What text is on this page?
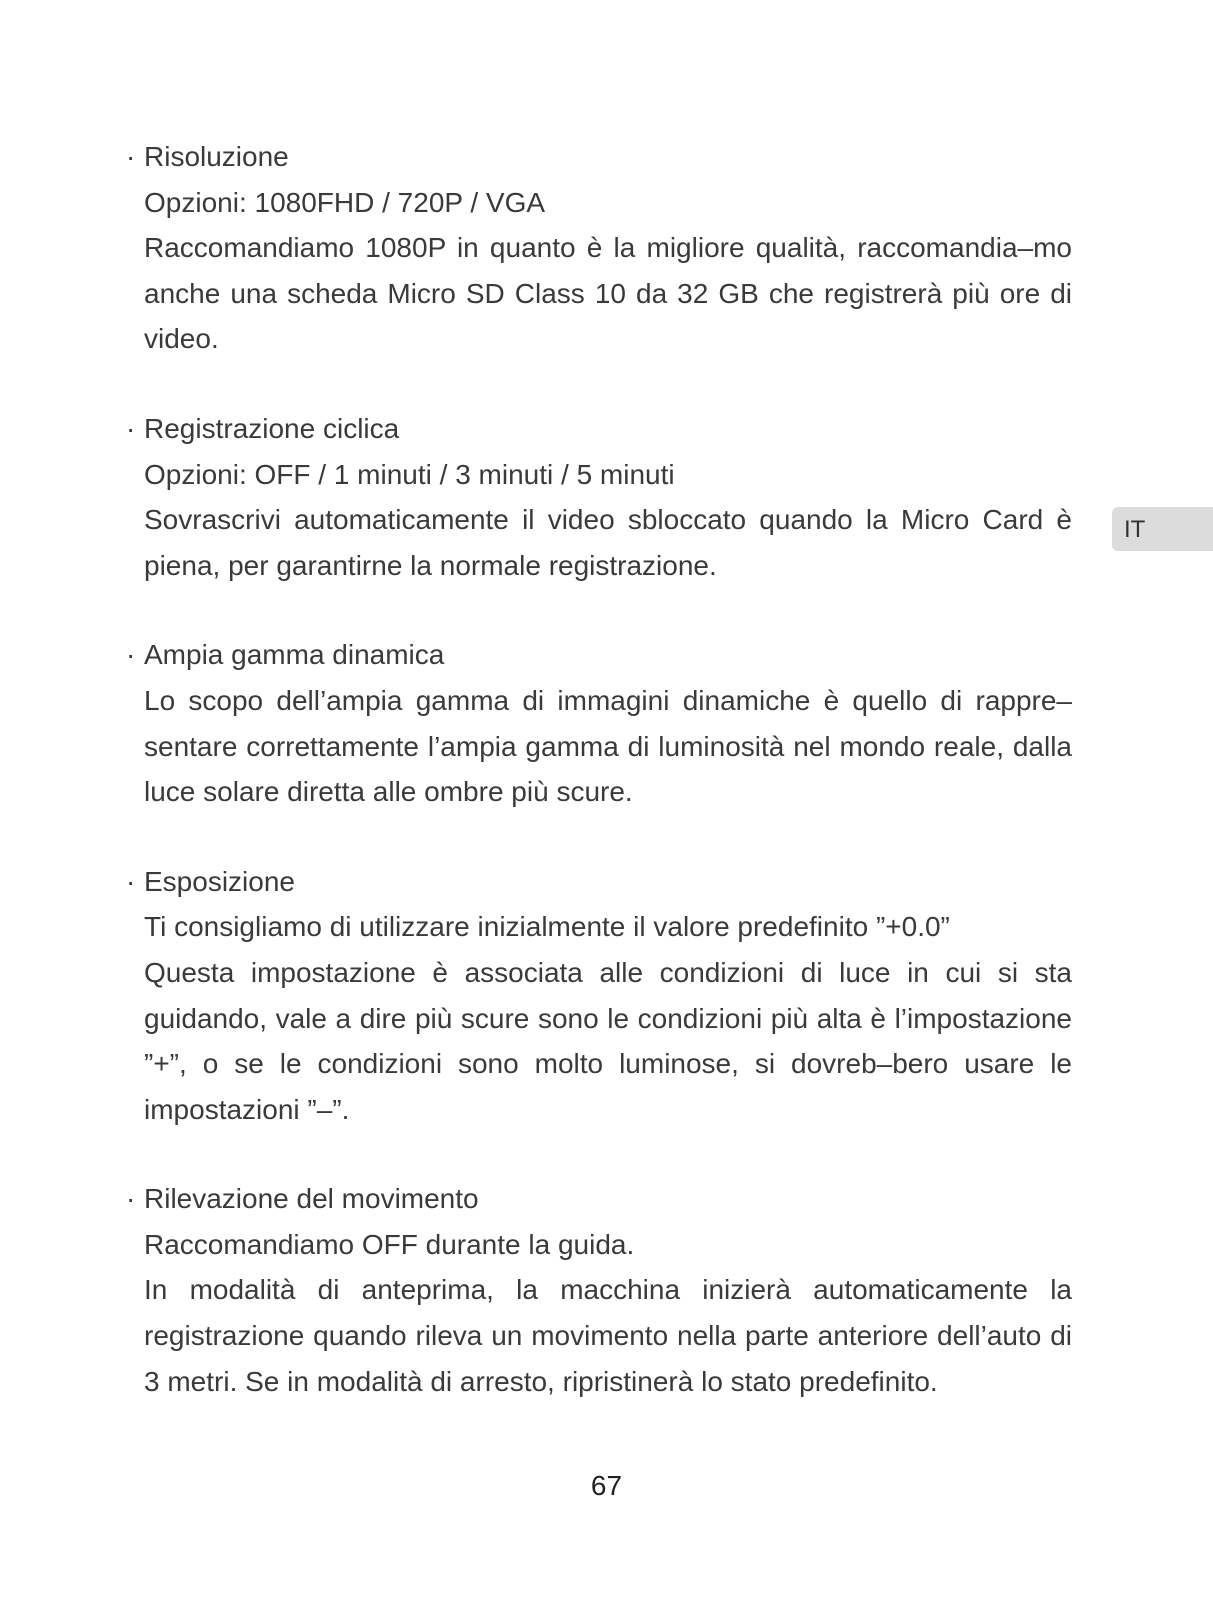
· Risoluzione

Opzioni: 1080FHD / 720P / VGA

Raccomandiamo 1080P in quanto è la migliore qualità, raccomandia–mo anche una scheda Micro SD Class 10 da 32 GB che registrerà più ore di video.

· Registrazione ciclica

Opzioni: OFF / 1 minuti / 3 minuti / 5 minuti

Sovrascrivi automaticamente il video sbloccato quando la Micro Card è piena, per garantirne la normale registrazione.

· Ampia gamma dinamica

Lo scopo dell’ampia gamma di immagini dinamiche è quello di rappre–sentare correttamente l’ampia gamma di luminosità nel mondo reale, dalla luce solare diretta alle ombre più scure.

· Esposizione

Ti consigliamo di utilizzare inizialmente il valore predefinito ”+0.0”

Questa impostazione è associata alle condizioni di luce in cui si sta guidando, vale a dire più scure sono le condizioni più alta è l’impostazione ”+”, o se le condizioni sono molto luminose, si dovreb–bero usare le impostazioni ”–”.

· Rilevazione del movimento

Raccomandiamo OFF durante la guida.

In modalità di anteprima, la macchina inizierà automaticamente la registrazione quando rileva un movimento nella parte anteriore dell’auto di 3 metri. Se in modalità di arresto, ripristinerà lo stato predefinito.

IT
67
